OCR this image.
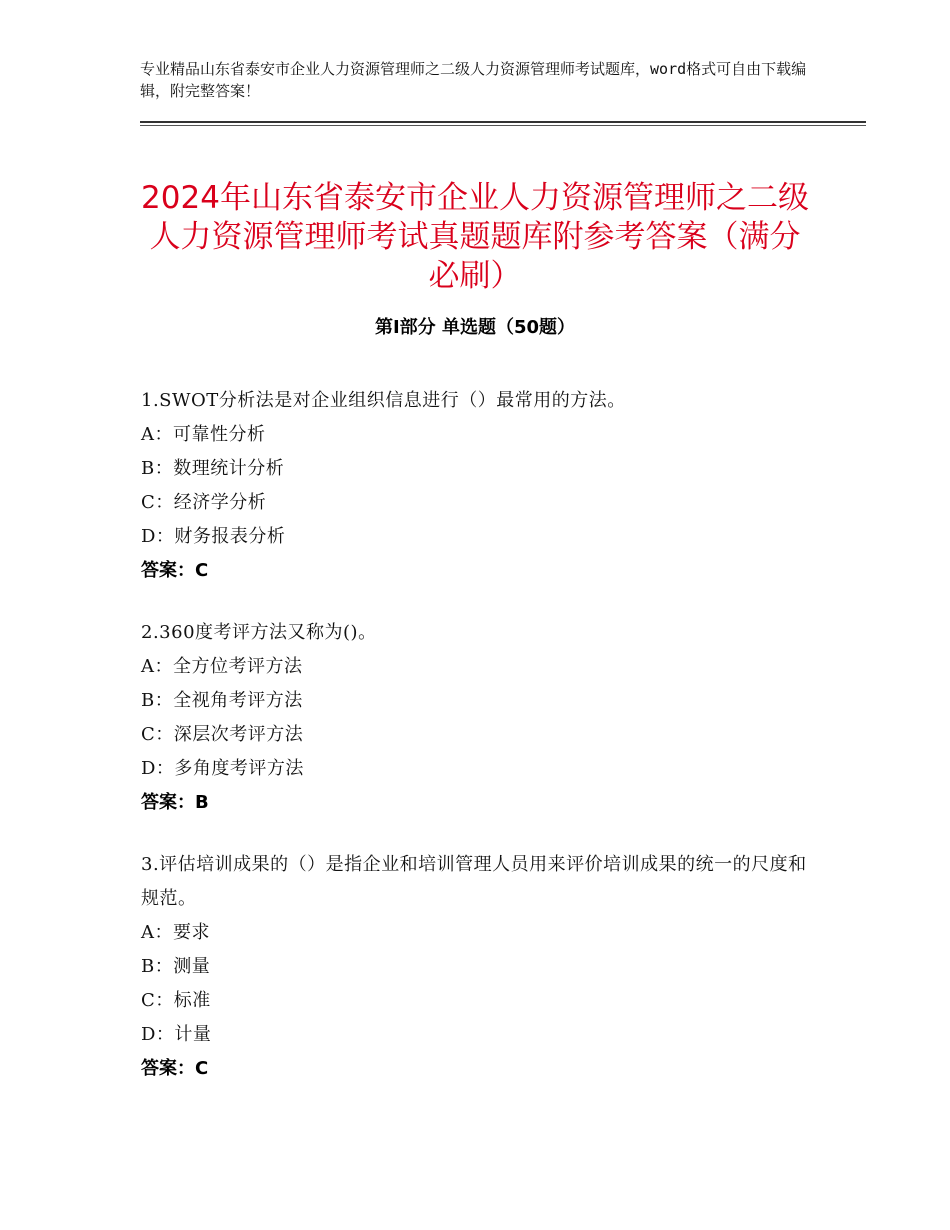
专业精品山东省泰安市企业人力资源管理师之二级人力资源管理师考试题库，word格式可自由下载编辑，附完整答案！
2024年山东省泰安市企业人力资源管理师之二级人力资源管理师考试真题题库附参考答案（满分必刷）
第Ⅰ部分 单选题（50题）
1.SWOT分析法是对企业组织信息进行（）最常用的方法。
A：可靠性分析
B：数理统计分析
C：经济学分析
D：财务报表分析
答案：C
2.360度考评方法又称为()。
A：全方位考评方法
B：全视角考评方法
C：深层次考评方法
D：多角度考评方法
答案：B
3.评估培训成果的（）是指企业和培训管理人员用来评价培训成果的统一的尺度和规范。
A：要求
B：测量
C：标准
D：计量
答案：C
